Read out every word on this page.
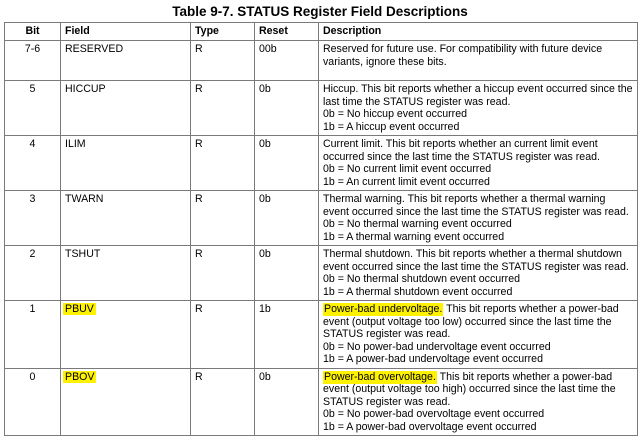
Table 9-7. STATUS Register Field Descriptions
Bit	Field	Type	Reset	Description
7-6	RESERVED	R	00b	Reserved for future use. For compatibility with future device variants, ignore these bits.

5	HICCUP	R	0b	Hiccup. This bit reports whether a hiccup event occurred since the last time the STATUS register was read.
0b = No hiccup event occurred
1b = A hiccup event occurred

4	ILIM	R	0b	Current limit. This bit reports whether an current limit event occurred since the last time the STATUS register was read.
0b = No current limit event occurred
1b = An current limit event occurred

3	TWARN	R	0b	Thermal warning. This bit reports whether a thermal warning event occurred since the last time the STATUS register was read.
0b = No thermal warning event occurred
1b = A thermal warning event occurred

2	TSHUT	R	0b	Thermal shutdown. This bit reports whether a thermal shutdown event occurred since the last time the STATUS register was read.
0b = No thermal shutdown event occurred
1b = A thermal shutdown event occurred

1	PBUV	R	1b	Power-bad undervoltage. This bit reports whether a power-bad event (output voltage too low) occurred since the last time the STATUS register was read.
0b = No power-bad undervoltage event occurred
1b = A power-bad undervoltage event occurred

0	PBOV	R	0b	Power-bad overvoltage. This bit reports whether a power-bad event (output voltage too high) occurred since the last time the STATUS register was read.
0b = No power-bad overvoltage event occurred
1b = A power-bad overvoltage event occurred
